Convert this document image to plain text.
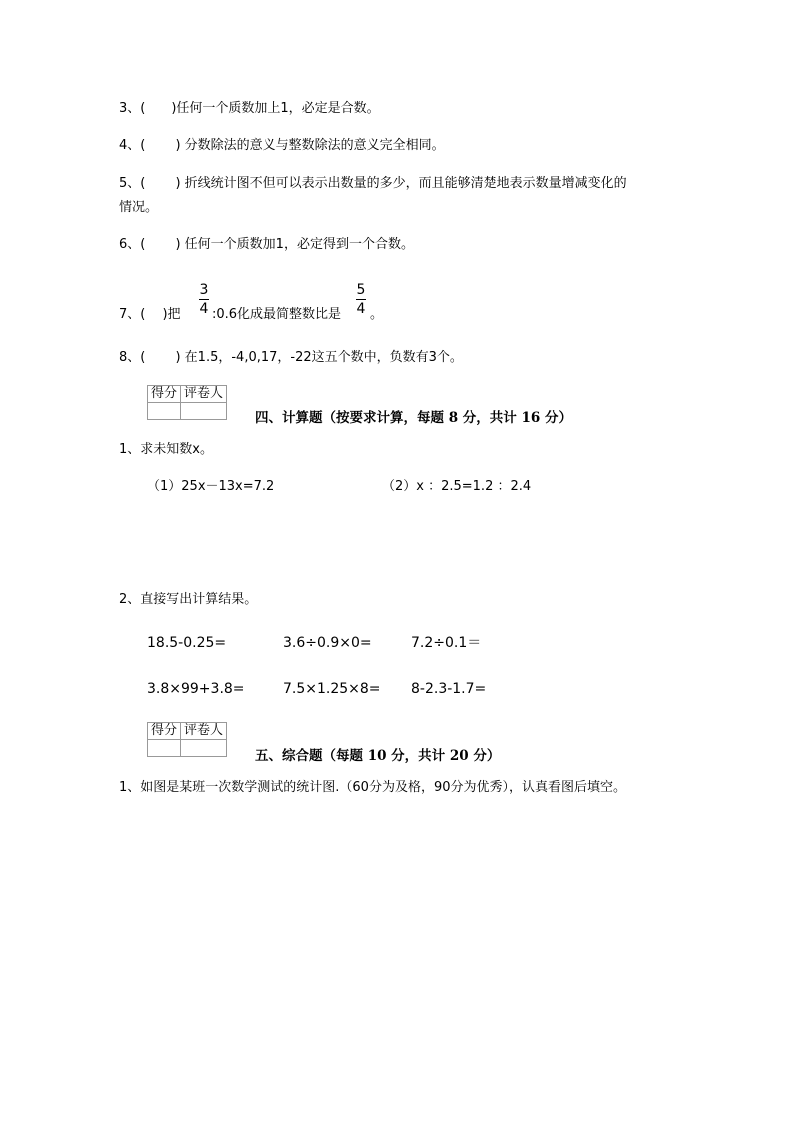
3、(　　)任何一个质数加上1，必定是合数。
4、(　　 ) 分数除法的意义与整数除法的意义完全相同。
5、(　　 ) 折线统计图不但可以表示出数量的多少，而且能够清楚地表示数量增减变化的
情况。
6、(　　 ) 任何一个质数加1，必定得到一个合数。
7、(　 )把
3
4 :0.6化成最简整数比是
5
4 。
8、(　　 ) 在1.5，-4,0,17，-22这五个数中，负数有3个。
得分	评卷人

四、计算题（按要求计算，每题 8 分，共计 16 分）
1、求未知数x。
（1）25x－13x=7.2	（2）x ：2.5=1.2 ：2.4
2、直接写出计算结果。
18.5-0.25=	3.6÷0.9×0=	7.2÷0.1＝
3.8×99+3.8=	7.5×1.25×8= 8-2.3-1.7=
得分	评卷人

五、综合题（每题 10 分，共计 20 分）
1、如图是某班一次数学测试的统计图.（60分为及格，90分为优秀），认真看图后填空。
